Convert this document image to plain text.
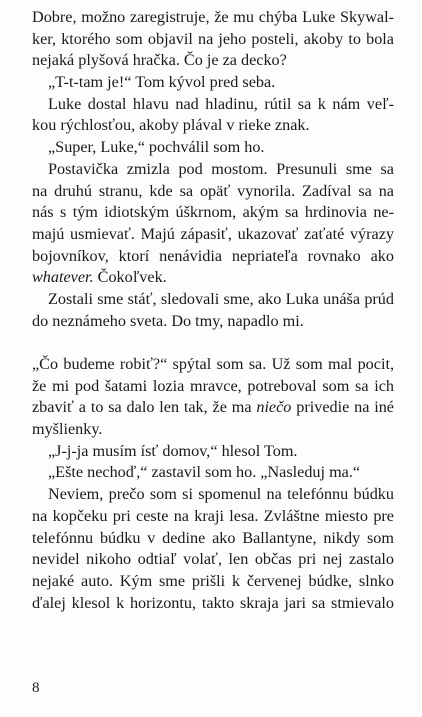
Dobre, možno zaregistruje, že mu chýba Luke Skywal-
ker, ktorého som objavil na jeho posteli, akoby to bola
nejaká plyšová hračka. Čo je za decko?
„T-t-tam je!“ Tom kývol pred seba.
Luke dostal hlavu nad hladinu, rútil sa k nám veľ-
kou rýchlosťou, akoby plával v rieke znak.
„Super, Luke,“ pochválil som ho.
Postavička zmizla pod mostom. Presunuli sme sa
na druhú stranu, kde sa opäť vynorila. Zadíval sa na
nás s tým idiotským úškrnom, akým sa hrdinovia ne-
majú usmievať. Majú zápasiť, ukazovať zaťaté výrazy
bojovníkov, ktorí nenávidia nepriateľa rovnako ako
whatever. Čokoľvek.
Zostali sme stáť, sledovali sme, ako Luka unáša prúd
do neznámeho sveta. Do tmy, napadlo mi.
„Čo budeme robiť?“ spýtal som sa. Už som mal pocit,
že mi pod šatami lozia mravce, potreboval som sa ich
zbaviť a to sa dalo len tak, že ma niečo privedie na iné
myšlienky.
„J-j-ja musím ísť domov,“ hlesol Tom.
„Ešte nechoď,“ zastavil som ho. „Nasleduj ma.“
Neviem, prečo som si spomenul na telefónnu búdku
na kopčeku pri ceste na kraji lesa. Zvláštne miesto pre
telefónnu búdku v dedine ako Ballantyne, nikdy som
nevidel nikoho odtiaľ volať, len občas pri nej zastalo
nejaké auto. Kým sme prišli k červenej búdke, slnko
ďalej klesol k horizontu, takto skraja jari sa stmievalo
8
